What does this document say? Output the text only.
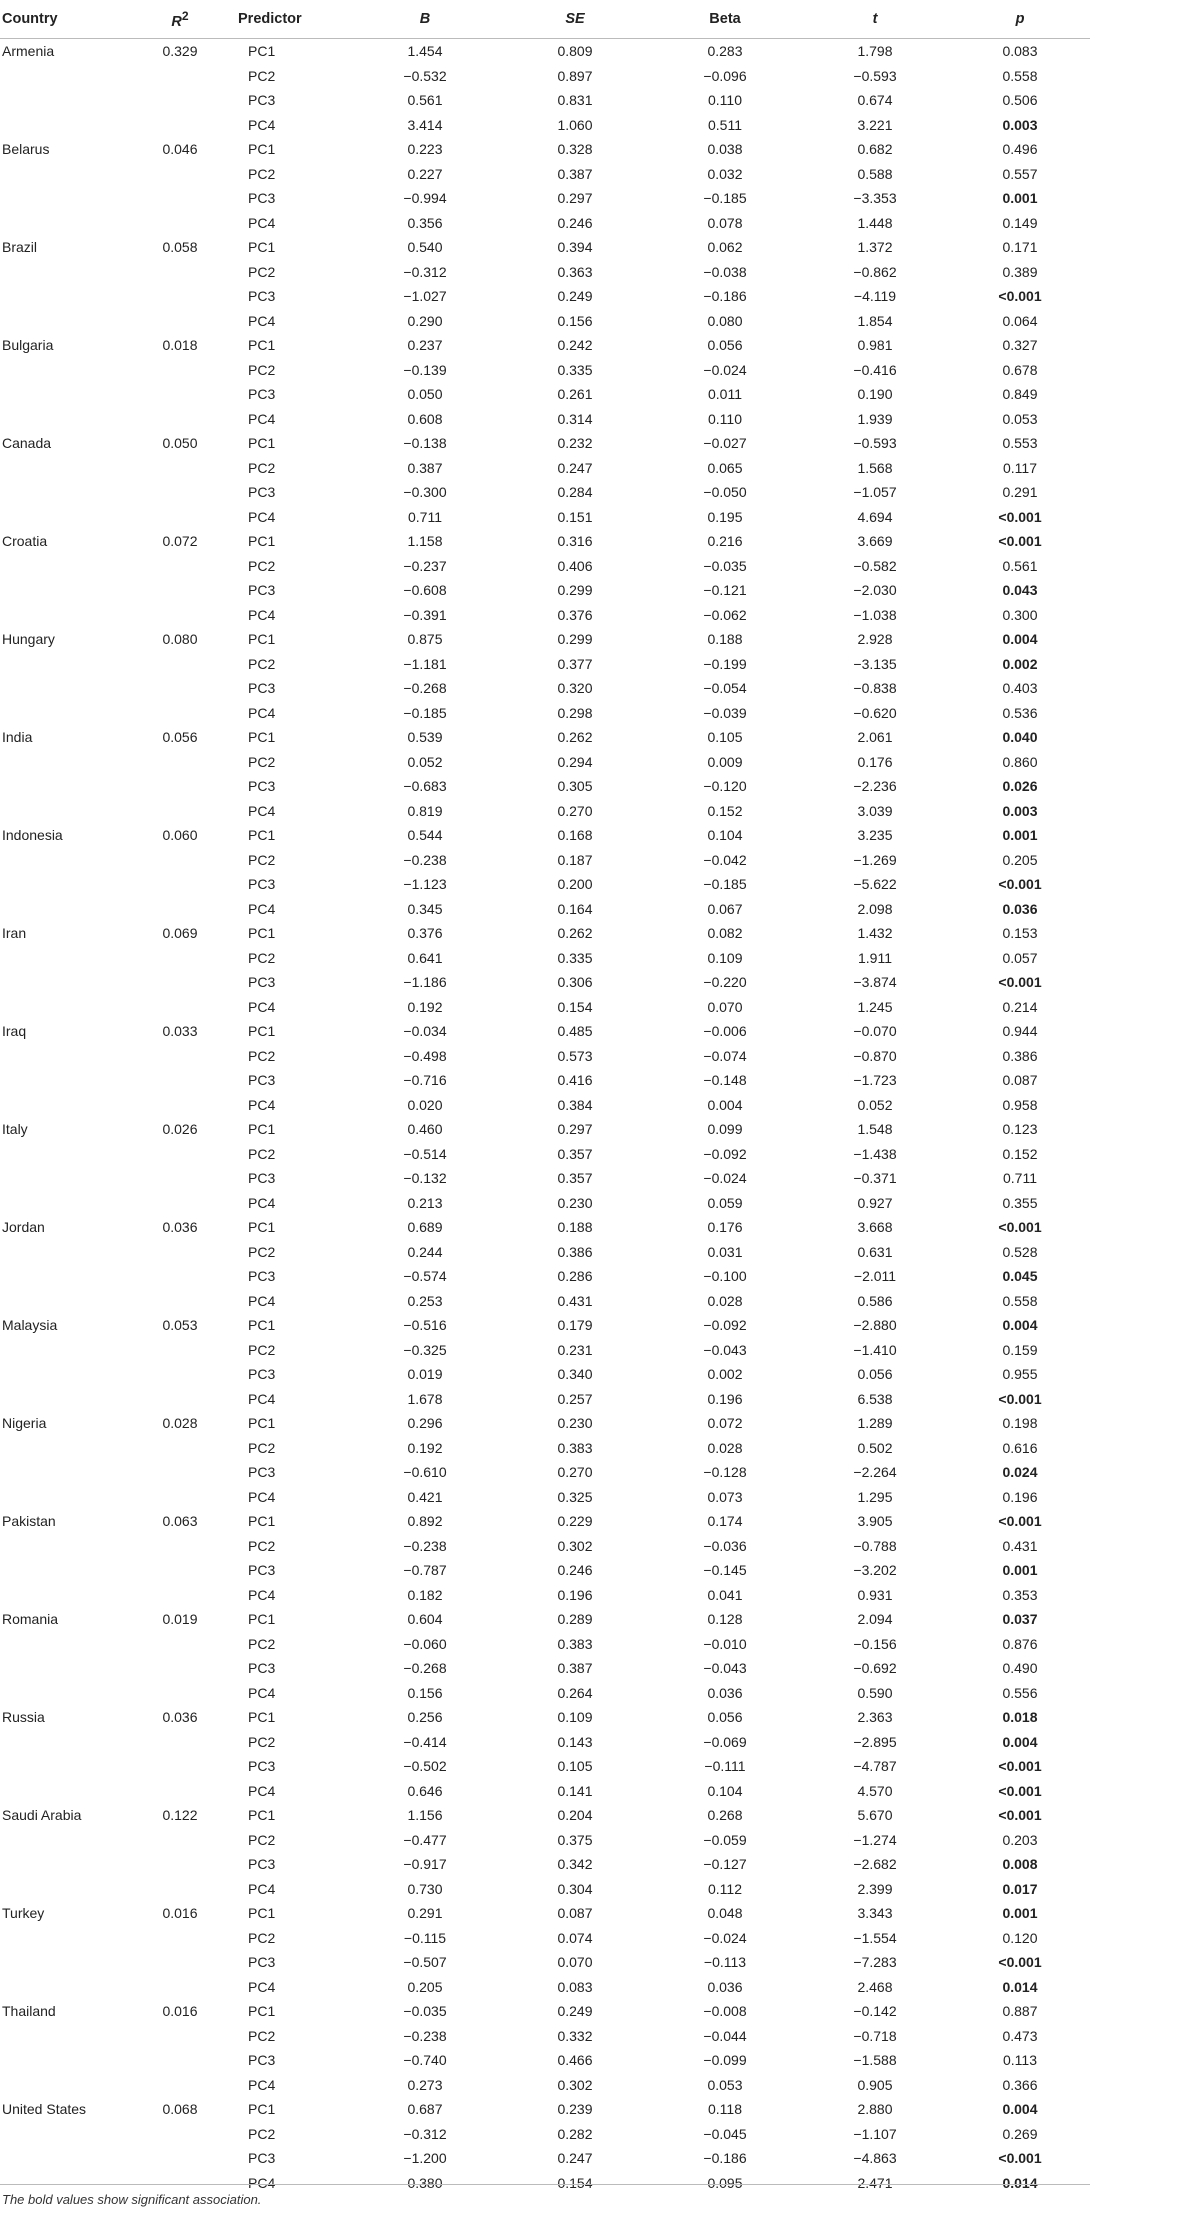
Country	$R^2$	Predictor	B	SE	Beta	t	p
Armenia	0.329	PC1	1.454	0.809	0.283	1.798	0.083
		PC2	−0.532	0.897	−0.096	−0.593	0.558
		PC3	0.561	0.831	0.110	0.674	0.506
		PC4	3.414	1.060	0.511	3.221	0.003
Belarus	0.046	PC1	0.223	0.328	0.038	0.682	0.496
		PC2	0.227	0.387	0.032	0.588	0.557
		PC3	−0.994	0.297	−0.185	−3.353	0.001
		PC4	0.356	0.246	0.078	1.448	0.149
Brazil	0.058	PC1	0.540	0.394	0.062	1.372	0.171
		PC2	−0.312	0.363	−0.038	−0.862	0.389
		PC3	−1.027	0.249	−0.186	−4.119	<0.001
		PC4	0.290	0.156	0.080	1.854	0.064
Bulgaria	0.018	PC1	0.237	0.242	0.056	0.981	0.327
		PC2	−0.139	0.335	−0.024	−0.416	0.678
		PC3	0.050	0.261	0.011	0.190	0.849
		PC4	0.608	0.314	0.110	1.939	0.053
Canada	0.050	PC1	−0.138	0.232	−0.027	−0.593	0.553
		PC2	0.387	0.247	0.065	1.568	0.117
		PC3	−0.300	0.284	−0.050	−1.057	0.291
		PC4	0.711	0.151	0.195	4.694	<0.001
Croatia	0.072	PC1	1.158	0.316	0.216	3.669	<0.001
		PC2	−0.237	0.406	−0.035	−0.582	0.561
		PC3	−0.608	0.299	−0.121	−2.030	0.043
		PC4	−0.391	0.376	−0.062	−1.038	0.300
Hungary	0.080	PC1	0.875	0.299	0.188	2.928	0.004
		PC2	−1.181	0.377	−0.199	−3.135	0.002
		PC3	−0.268	0.320	−0.054	−0.838	0.403
		PC4	−0.185	0.298	−0.039	−0.620	0.536
India	0.056	PC1	0.539	0.262	0.105	2.061	0.040
		PC2	0.052	0.294	0.009	0.176	0.860
		PC3	−0.683	0.305	−0.120	−2.236	0.026
		PC4	0.819	0.270	0.152	3.039	0.003
Indonesia	0.060	PC1	0.544	0.168	0.104	3.235	0.001
		PC2	−0.238	0.187	−0.042	−1.269	0.205
		PC3	−1.123	0.200	−0.185	−5.622	<0.001
		PC4	0.345	0.164	0.067	2.098	0.036
Iran	0.069	PC1	0.376	0.262	0.082	1.432	0.153
		PC2	0.641	0.335	0.109	1.911	0.057
		PC3	−1.186	0.306	−0.220	−3.874	<0.001
		PC4	0.192	0.154	0.070	1.245	0.214
Iraq	0.033	PC1	−0.034	0.485	−0.006	−0.070	0.944
		PC2	−0.498	0.573	−0.074	−0.870	0.386
		PC3	−0.716	0.416	−0.148	−1.723	0.087
		PC4	0.020	0.384	0.004	0.052	0.958
Italy	0.026	PC1	0.460	0.297	0.099	1.548	0.123
		PC2	−0.514	0.357	−0.092	−1.438	0.152
		PC3	−0.132	0.357	−0.024	−0.371	0.711
		PC4	0.213	0.230	0.059	0.927	0.355
Jordan	0.036	PC1	0.689	0.188	0.176	3.668	<0.001
		PC2	0.244	0.386	0.031	0.631	0.528
		PC3	−0.574	0.286	−0.100	−2.011	0.045
		PC4	0.253	0.431	0.028	0.586	0.558
Malaysia	0.053	PC1	−0.516	0.179	−0.092	−2.880	0.004
		PC2	−0.325	0.231	−0.043	−1.410	0.159
		PC3	0.019	0.340	0.002	0.056	0.955
		PC4	1.678	0.257	0.196	6.538	<0.001
Nigeria	0.028	PC1	0.296	0.230	0.072	1.289	0.198
		PC2	0.192	0.383	0.028	0.502	0.616
		PC3	−0.610	0.270	−0.128	−2.264	0.024
		PC4	0.421	0.325	0.073	1.295	0.196
Pakistan	0.063	PC1	0.892	0.229	0.174	3.905	<0.001
		PC2	−0.238	0.302	−0.036	−0.788	0.431
		PC3	−0.787	0.246	−0.145	−3.202	0.001
		PC4	0.182	0.196	0.041	0.931	0.353
Romania	0.019	PC1	0.604	0.289	0.128	2.094	0.037
		PC2	−0.060	0.383	−0.010	−0.156	0.876
		PC3	−0.268	0.387	−0.043	−0.692	0.490
		PC4	0.156	0.264	0.036	0.590	0.556
Russia	0.036	PC1	0.256	0.109	0.056	2.363	0.018
		PC2	−0.414	0.143	−0.069	−2.895	0.004
		PC3	−0.502	0.105	−0.111	−4.787	<0.001
		PC4	0.646	0.141	0.104	4.570	<0.001
Saudi Arabia	0.122	PC1	1.156	0.204	0.268	5.670	<0.001
		PC2	−0.477	0.375	−0.059	−1.274	0.203
		PC3	−0.917	0.342	−0.127	−2.682	0.008
		PC4	0.730	0.304	0.112	2.399	0.017
Turkey	0.016	PC1	0.291	0.087	0.048	3.343	0.001
		PC2	−0.115	0.074	−0.024	−1.554	0.120
		PC3	−0.507	0.070	−0.113	−7.283	<0.001
		PC4	0.205	0.083	0.036	2.468	0.014
Thailand	0.016	PC1	−0.035	0.249	−0.008	−0.142	0.887
		PC2	−0.238	0.332	−0.044	−0.718	0.473
		PC3	−0.740	0.466	−0.099	−1.588	0.113
		PC4	0.273	0.302	0.053	0.905	0.366
United States	0.068	PC1	0.687	0.239	0.118	2.880	0.004
		PC2	−0.312	0.282	−0.045	−1.107	0.269
		PC3	−1.200	0.247	−0.186	−4.863	<0.001
		PC4	0.380	0.154	0.095	2.471	0.014
The bold values show significant association.
